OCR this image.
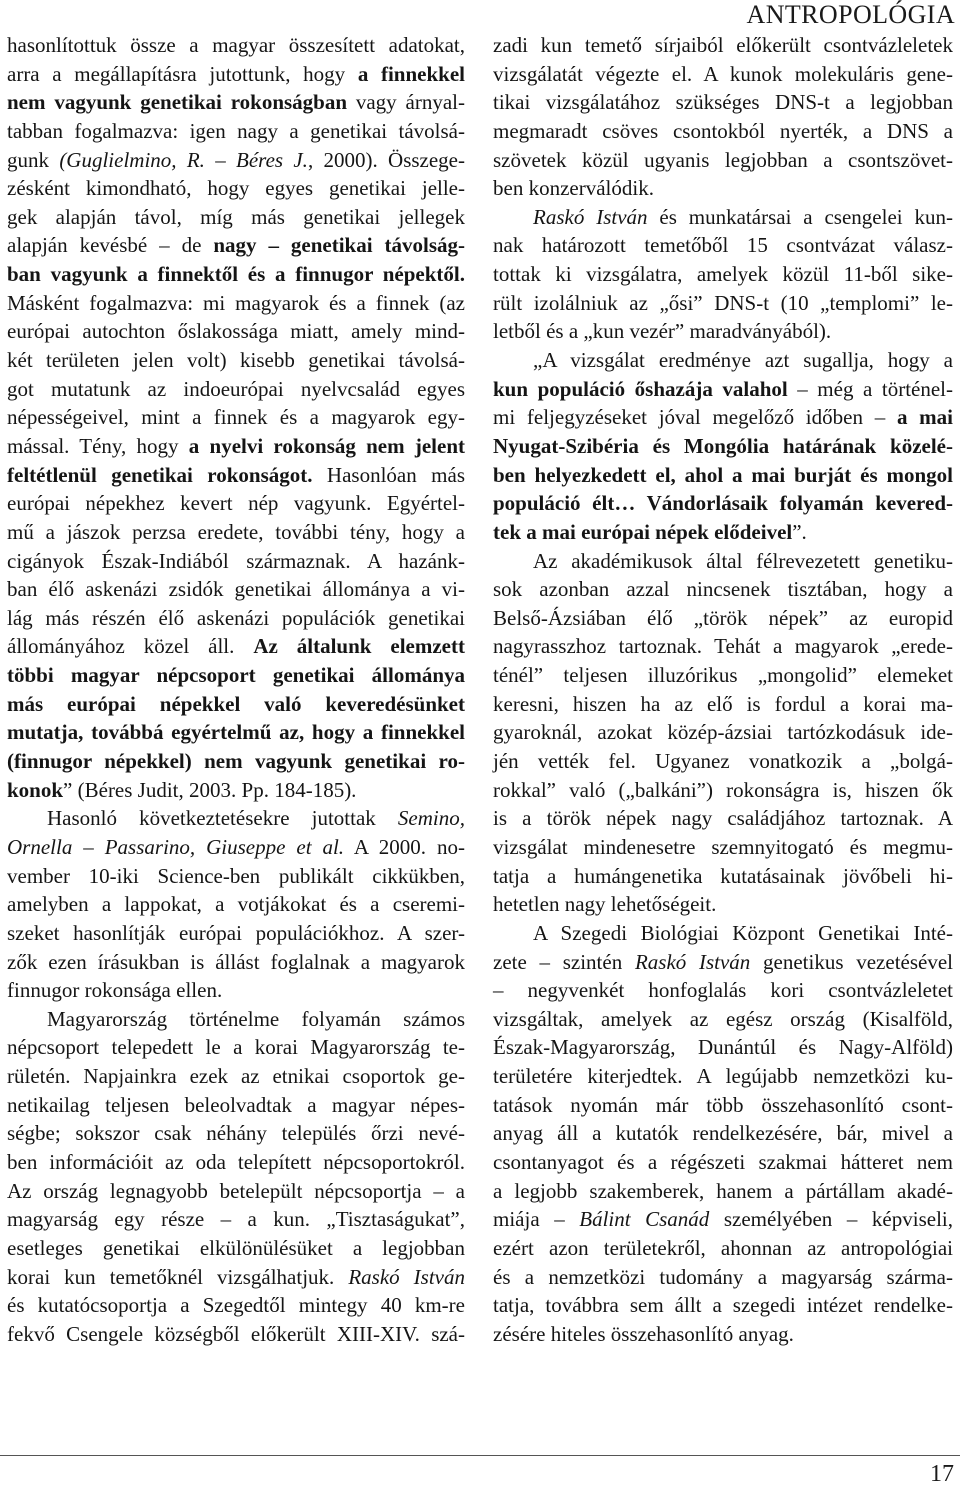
ANTROPOLÓGIA
hasonlítottuk össze a magyar összesített adatokat,
arra a megállapításra jutottunk, hogy a finnekkel
nem vagyunk genetikai rokonságban vagy árnyal-
tabban fogalmazva: igen nagy a genetikai távolsá-
gunk (Guglielmino, R. – Béres J., 2000). Összege-
zésként kimondható, hogy egyes genetikai jelle-
gek alapján távol, míg más genetikai jellegek
alapján kevésbé – de nagy – genetikai távolság-
ban vagyunk a finnektől és a finnugor népektől.
Másként fogalmazva: mi magyarok és a finnek (az
európai autochton őslakossága miatt, amely mind-
két területen jelen volt) kisebb genetikai távolsá-
got mutatunk az indoeurópai nyelvcsalád egyes
népességeivel, mint a finnek és a magyarok egy-
mással. Tény, hogy a nyelvi rokonság nem jelent
feltétlenül genetikai rokonságot. Hasonlóan más
európai népekhez kevert nép vagyunk. Egyértel-
mű a jászok perzsa eredete, további tény, hogy a
cigányok Észak-Indiából származnak. A hazánk-
ban élő askenázi zsidók genetikai állománya a vi-
lág más részén élő askenázi populációk genetikai
állományához közel áll. Az általunk elemzett
többi magyar népcsoport genetikai állománya
más európai népekkel való keveredésünket
mutatja, továbbá egyértelmű az, hogy a finnekkel
(finnugor népekkel) nem vagyunk genetikai ro-
konok” (Béres Judit, 2003. Pp. 184-185).
Hasonló következtetésekre jutottak Semino,
Ornella – Passarino, Giuseppe et al. A 2000. no-
vember 10-iki Science-ben publikált cikkükben,
amelyben a lappokat, a votjákokat és a cseremi-
szeket hasonlítják európai populációkhoz. A szer-
zők ezen írásukban is állást foglalnak a magyarok
finnugor rokonsága ellen.
Magyarország történelme folyamán számos
népcsoport telepedett le a korai Magyarország te-
rületén. Napjainkra ezek az etnikai csoportok ge-
netikailag teljesen beleolvadtak a magyar népes-
ségbe; sokszor csak néhány település őrzi nevé-
ben információit az oda telepített népcsoportokról.
Az ország legnagyobb betelepült népcsoportja – a
magyarság egy része – a kun. „Tisztaságukat”,
esetleges genetikai elkülönülésüket a legjobban
korai kun temetőknél vizsgálhatjuk. Raskó István
és kutatócsoportja a Szegedtől mintegy 40 km-re
fekvő Csengele községből előkerült XIII-XIV. szá-
zadi kun temető sírjaiból előkerült csontvázleletek
vizsgálatát végezte el. A kunok molekuláris gene-
tikai vizsgálatához szükséges DNS-t a legjobban
megmaradt csöves csontokból nyerték, a DNS a
szövetek közül ugyanis legjobban a csontszövet-
ben konzerválódik.
Raskó István és munkatársai a csengelei kun-
nak határozott temetőből 15 csontvázat válasz-
tottak ki vizsgálatra, amelyek közül 11-ből sike-
rült izolálniuk az „ősi” DNS-t (10 „templomi” le-
letből és a „kun vezér” maradványából).
„A vizsgálat eredménye azt sugallja, hogy a
kun populáció őshazája valahol – még a történel-
mi feljegyzéseket jóval megelőző időben – a mai
Nyugat-Szibéria és Mongólia határának közelé-
ben helyezkedett el, ahol a mai burját és mongol
populáció élt… Vándorlásaik folyamán kevered-
tek a mai európai népek elődeivel”.
Az akadémikusok által félrevezetett genetiku-
sok azonban azzal nincsenek tisztában, hogy a
Belső-Ázsiában élő „török népek” az europid
nagyrasszhoz tartoznak. Tehát a magyarok „erede-
ténél” teljesen illuzórikus „mongolid” elemeket
keresni, hiszen ha az elő is fordul a korai ma-
gyaroknál, azokat közép-ázsiai tartózkodásuk ide-
jén vették fel. Ugyanez vonatkozik a „bolgá-
rokkal” való („balkáni”) rokonságra is, hiszen ők
is a török népek nagy családjához tartoznak. A
vizsgálat mindenesetre szemnyitogató és megmu-
tatja a humángenetika kutatásainak jövőbeli hi-
hetetlen nagy lehetőségeit.
A Szegedi Biológiai Központ Genetikai Inté-
zete – szintén Raskó István genetikus vezetésével
– negyvenkét honfoglalás kori csontvázleletet
vizsgáltak, amelyek az egész ország (Kisalföld,
Észak-Magyarország, Dunántúl és Nagy-Alföld)
területére kiterjedtek. A legújabb nemzetközi ku-
tatások nyomán már több összehasonlító csont-
anyag áll a kutatók rendelkezésére, bár, mivel a
csontanyagot és a régészeti szakmai hátteret nem
a legjobb szakemberek, hanem a pártállam akadé-
miája – Bálint Csanád személyében – képviseli,
ezért azon területekről, ahonnan az antropológiai
és a nemzetközi tudomány a magyarság szárma-
tatja, továbbra sem állt a szegedi intézet rendelke-
zésére hiteles összehasonlító anyag.
17
